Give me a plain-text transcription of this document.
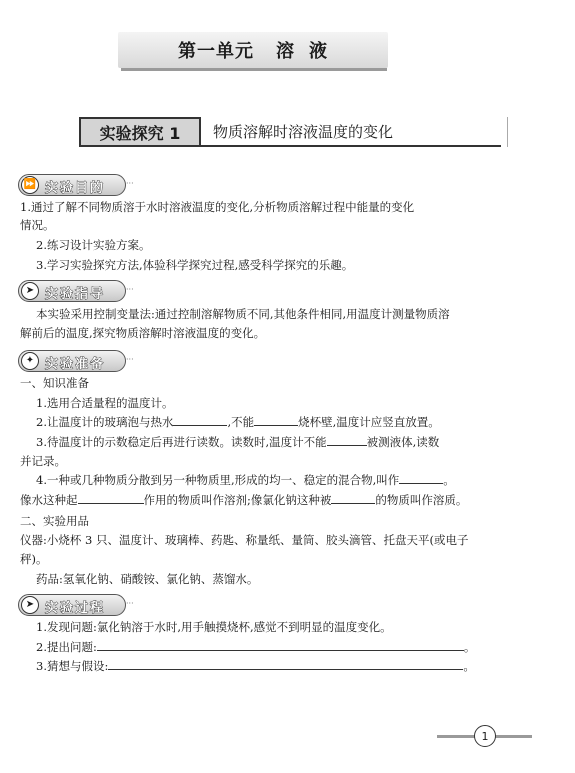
第一单元 溶 液
实验探究 1	物质溶解时溶液温度的变化
⏩ 实验目的	···
1.通过了解不同物质溶于水时溶液温度的变化,分析物质溶解过程中能量的变化
情况。
2.练习设计实验方案。
3.学习实验探究方法,体验科学探究过程,感受科学探究的乐趣。
➤ 实验指导	···
本实验采用控制变量法:通过控制溶解物质不同,其他条件相同,用温度计测量物质溶
解前后的温度,探究物质溶解时溶液温度的变化。
✦ 实验准备	···
一、知识准备
1.选用合适量程的温度计。
2.让温度计的玻璃泡与热水	,不能	烧杯壁,温度计应竖直放置。
3.待温度计的示数稳定后再进行读数。读数时,温度计不能	被测液体,读数
并记录。
4.一种或几种物质分散到另一种物质里,形成的均一、稳定的混合物,叫作	。
像水这种起	作用的物质叫作溶剂;像氯化钠这种被	的物质叫作溶质。
二、实验用品
仪器:小烧杯 3 只、温度计、玻璃棒、药匙、称量纸、量筒、胶头滴管、托盘天平(或电子
秤)。
药品:氢氧化钠、硝酸铵、氯化钠、蒸馏水。
➤ 实验过程	···
1.发现问题:氯化钠溶于水时,用手触摸烧杯,感觉不到明显的温度变化。
2.提出问题:	。
3.猜想与假设:	。
1
